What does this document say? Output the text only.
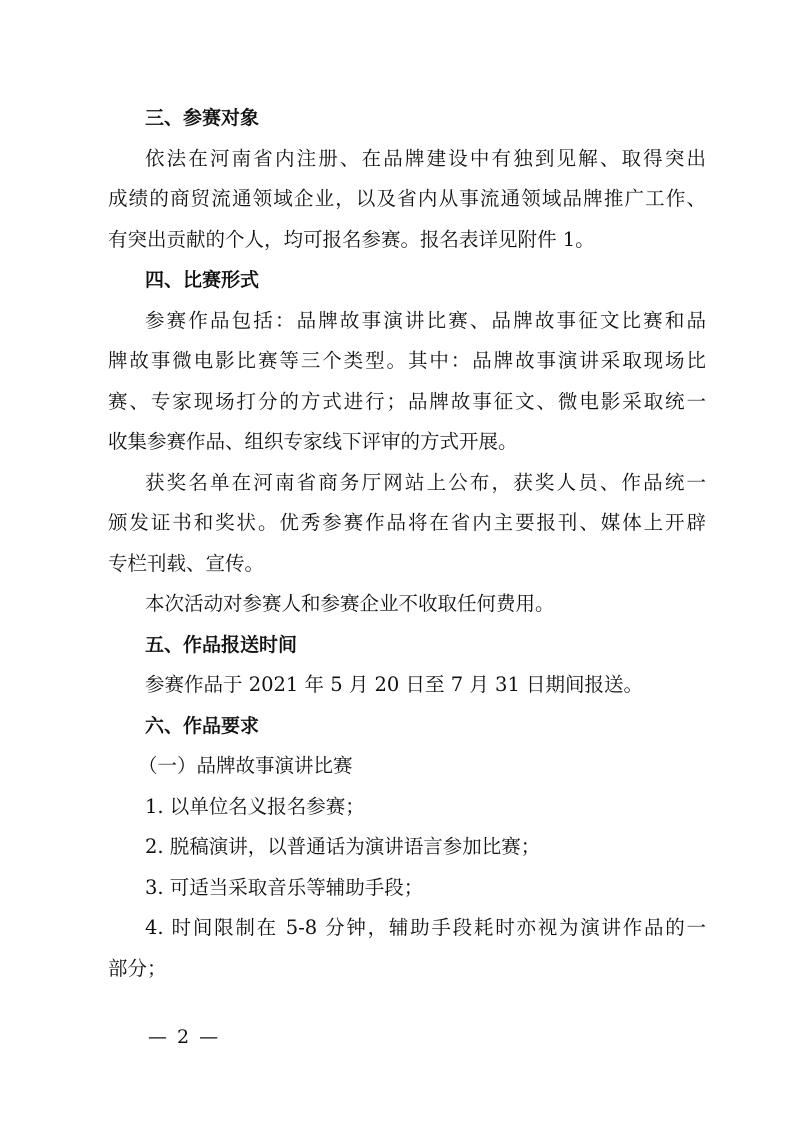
三、参赛对象
依法在河南省内注册、在品牌建设中有独到见解、取得突出
成绩的商贸流通领域企业，以及省内从事流通领域品牌推广工作、
有突出贡献的个人，均可报名参赛。报名表详见附件 1。
四、比赛形式
参赛作品包括：品牌故事演讲比赛、品牌故事征文比赛和品
牌故事微电影比赛等三个类型。其中：品牌故事演讲采取现场比
赛、专家现场打分的方式进行；品牌故事征文、微电影采取统一
收集参赛作品、组织专家线下评审的方式开展。
获奖名单在河南省商务厅网站上公布，获奖人员、作品统一
颁发证书和奖状。优秀参赛作品将在省内主要报刊、媒体上开辟
专栏刊载、宣传。
本次活动对参赛人和参赛企业不收取任何费用。
五、作品报送时间
参赛作品于 2021 年 5 月 20 日至 7 月 31 日期间报送。
六、作品要求
（一）品牌故事演讲比赛
1. 以单位名义报名参赛；
2. 脱稿演讲，以普通话为演讲语言参加比赛；
3. 可适当采取音乐等辅助手段；
4. 时间限制在 5-8 分钟，辅助手段耗时亦视为演讲作品的一
部分；
— 2 —
